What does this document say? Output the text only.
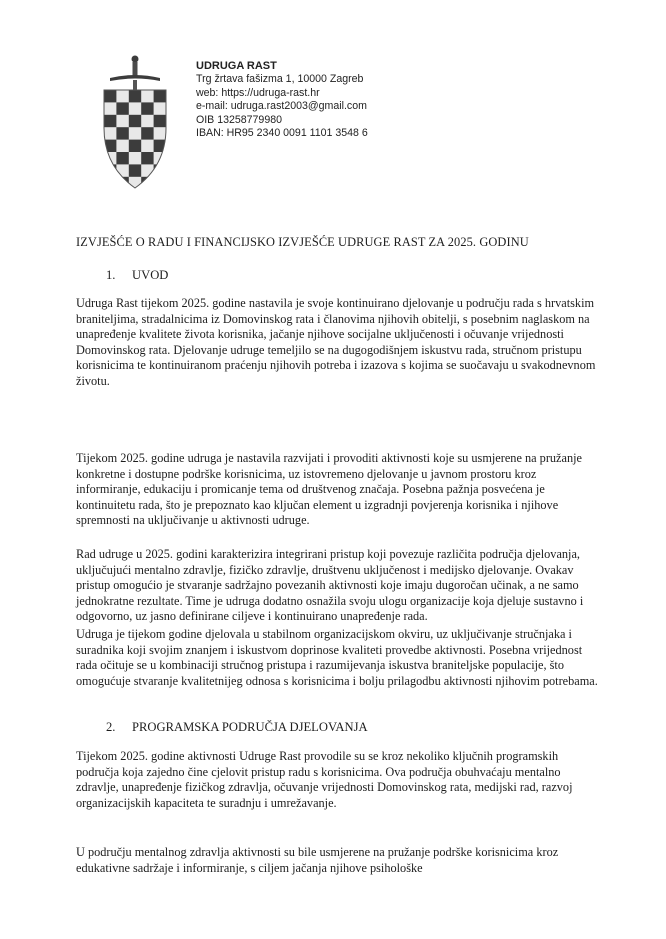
UDRUGA RAST
Trg žrtava fašizma 1, 10000 Zagreb
web: https://udruga-rast.hr
e-mail: udruga.rast2003@gmail.com
OIB 13258779980
IBAN: HR95 2340 0091 1101 3548 6
IZVJEŠĆE O RADU I FINANCIJSKO IZVJEŠĆE UDRUGE RAST ZA 2025. GODINU
1. UVOD
Udruga Rast tijekom 2025. godine nastavila je svoje kontinuirano djelovanje u području rada s hrvatskim braniteljima, stradalnicima iz Domovinskog rata i članovima njihovih obitelji, s posebnim naglaskom na unapređenje kvalitete života korisnika, jačanje njihove socijalne uključenosti i očuvanje vrijednosti Domovinskog rata. Djelovanje udruge temeljilo se na dugogodišnjem iskustvu rada, stručnom pristupu korisnicima te kontinuiranom praćenju njihovih potreba i izazova s kojima se suočavaju u svakodnevnom životu.
Tijekom 2025. godine udruga je nastavila razvijati i provoditi aktivnosti koje su usmjerene na pružanje konkretne i dostupne podrške korisnicima, uz istovremeno djelovanje u javnom prostoru kroz informiranje, edukaciju i promicanje tema od društvenog značaja. Posebna pažnja posvećena je kontinuitetu rada, što je prepoznato kao ključan element u izgradnji povjerenja korisnika i njihove spremnosti na uključivanje u aktivnosti udruge.
Rad udruge u 2025. godini karakterizira integrirani pristup koji povezuje različita područja djelovanja, uključujući mentalno zdravlje, fizičko zdravlje, društvenu uključenost i medijsko djelovanje. Ovakav pristup omogućio je stvaranje sadržajno povezanih aktivnosti koje imaju dugoročan učinak, a ne samo jednokratne rezultate. Time je udruga dodatno osnažila svoju ulogu organizacije koja djeluje sustavno i odgovorno, uz jasno definirane ciljeve i kontinuirano unapređenje rada.
Udruga je tijekom godine djelovala u stabilnom organizacijskom okviru, uz uključivanje stručnjaka i suradnika koji svojim znanjem i iskustvom doprinose kvaliteti provedbe aktivnosti. Posebna vrijednost rada očituje se u kombinaciji stručnog pristupa i razumijevanja iskustva braniteljske populacije, što omogućuje stvaranje kvalitetnijeg odnosa s korisnicima i bolju prilagodbu aktivnosti njihovim potrebama.
2. PROGRAMSKA PODRUČJA DJELOVANJA
Tijekom 2025. godine aktivnosti Udruge Rast provodile su se kroz nekoliko ključnih programskih područja koja zajedno čine cjelovit pristup radu s korisnicima. Ova područja obuhvaćaju mentalno zdravlje, unapređenje fizičkog zdravlja, očuvanje vrijednosti Domovinskog rata, medijski rad, razvoj organizacijskih kapaciteta te suradnju i umrežavanje.
U području mentalnog zdravlja aktivnosti su bile usmjerene na pružanje podrške korisnicima kroz edukativne sadržaje i informiranje, s ciljem jačanja njihove psihološke
